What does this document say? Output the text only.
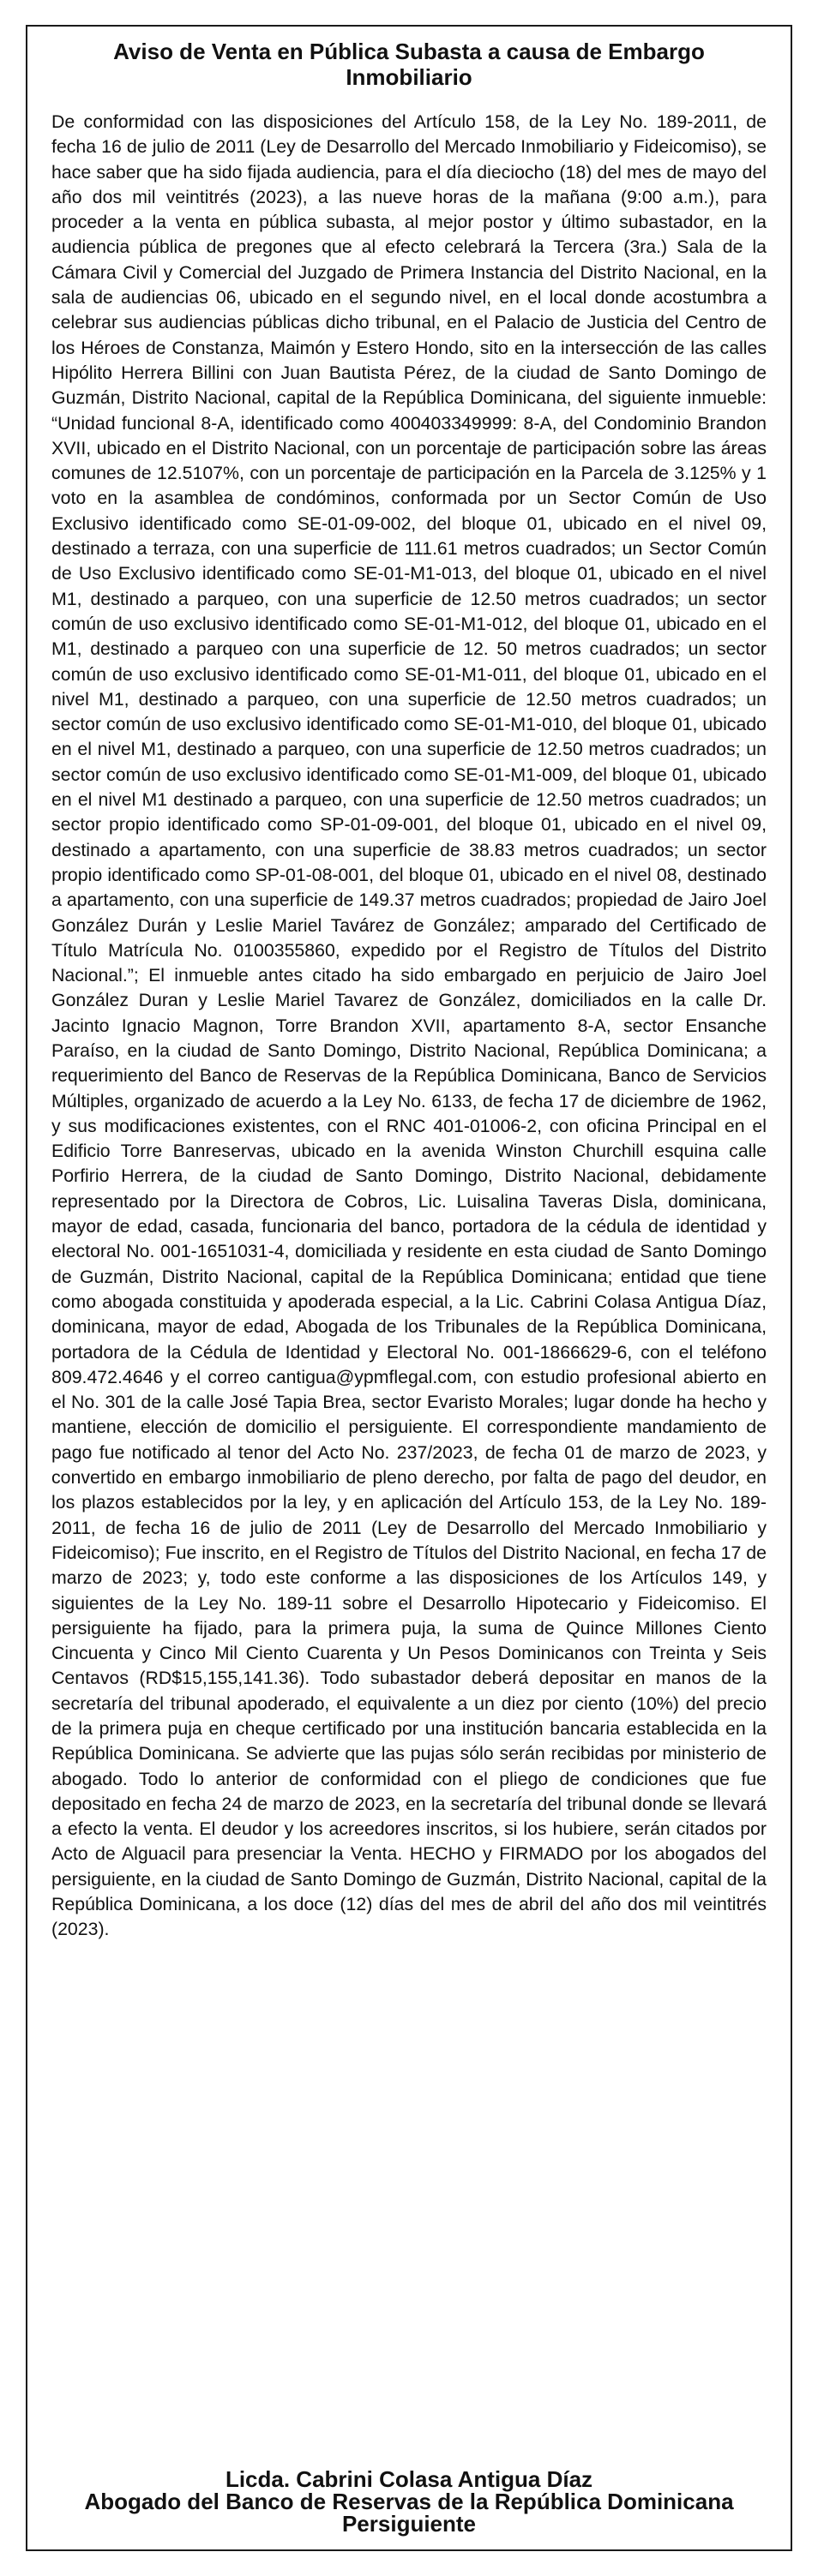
Aviso de Venta en Pública Subasta a causa de Embargo Inmobiliario

De conformidad con las disposiciones del Artículo 158, de la Ley No. 189-2011, de fecha 16 de julio de 2011 (Ley de Desarrollo del Mercado Inmobiliario y Fideicomiso), se hace saber que ha sido fijada audiencia, para el día dieciocho (18) del mes de mayo del año dos mil veintitrés (2023), a las nueve horas de la mañana (9:00 a.m.), para proceder a la venta en pública subasta, al mejor postor y último subastador, en la audiencia pública de pregones que al efecto celebrará la Tercera (3ra.) Sala de la Cámara Civil y Comercial del Juzgado de Primera Instancia del Distrito Nacional, en la sala de audiencias 06, ubicado en el segundo nivel, en el local donde acostumbra a celebrar sus audiencias públicas dicho tribunal, en el Palacio de Justicia del Centro de los Héroes de Constanza, Maimón y Estero Hondo, sito en la intersección de las calles Hipólito Herrera Billini con Juan Bautista Pérez, de la ciudad de Santo Domingo de Guzmán, Distrito Nacional, capital de la República Dominicana, del siguiente inmueble: “Unidad funcional 8-A, identificado como 400403349999: 8-A, del Condominio Brandon XVII, ubicado en el Distrito Nacional, con un porcentaje de participación sobre las áreas comunes de 12.5107%, con un porcentaje de participación en la Parcela de 3.125% y 1 voto en la asamblea de condóminos, conformada por un Sector Común de Uso Exclusivo identificado como SE-01-09-002, del bloque 01, ubicado en el nivel 09, destinado a terraza, con una superficie de 111.61 metros cuadrados; un Sector Común de Uso Exclusivo identificado como SE-01-M1-013, del bloque 01, ubicado en el nivel M1, destinado a parqueo, con una superficie de 12.50 metros cuadrados; un sector común de uso exclusivo identificado como SE-01-M1-012, del bloque 01, ubicado en el M1, destinado a parqueo con una superficie de 12. 50 metros cuadrados; un sector común de uso exclusivo identificado como SE-01-M1-011, del bloque 01, ubicado en el nivel M1, destinado a parqueo, con una superficie de 12.50 metros cuadrados; un sector común de uso exclusivo identificado como SE-01-M1-010, del bloque 01, ubicado en el nivel M1, destinado a parqueo, con una superficie de 12.50 metros cuadrados; un sector común de uso exclusivo identificado como SE-01-M1-009, del bloque 01, ubicado en el nivel M1 destinado a parqueo, con una superficie de 12.50 metros cuadrados; un sector propio identificado como SP-01-09-001, del bloque 01, ubicado en el nivel 09, destinado a apartamento, con una superficie de 38.83 metros cuadrados; un sector propio identificado como SP-01-08-001, del bloque 01, ubicado en el nivel 08, destinado a apartamento, con una superficie de 149.37 metros cuadrados; propiedad de Jairo Joel González Durán y Leslie Mariel Tavárez de González; amparado del Certificado de Título Matrícula No. 0100355860, expedido por el Registro de Títulos del Distrito Nacional.”; El inmueble antes citado ha sido embargado en perjuicio de Jairo Joel González Duran y Leslie Mariel Tavarez de González, domiciliados en la calle Dr. Jacinto Ignacio Magnon, Torre Brandon XVII, apartamento 8-A, sector Ensanche Paraíso, en la ciudad de Santo Domingo, Distrito Nacional, República Dominicana; a requerimiento del Banco de Reservas de la República Dominicana, Banco de Servicios Múltiples, organizado de acuerdo a la Ley No. 6133, de fecha 17 de diciembre de 1962, y sus modificaciones existentes, con el RNC 401-01006-2, con oficina Principal en el Edificio Torre Banreservas, ubicado en la avenida Winston Churchill esquina calle Porfirio Herrera, de la ciudad de Santo Domingo, Distrito Nacional, debidamente representado por la Directora de Cobros, Lic. Luisalina Taveras Disla, dominicana, mayor de edad, casada, funcionaria del banco, portadora de la cédula de identidad y electoral No. 001-1651031-4, domiciliada y residente en esta ciudad de Santo Domingo de Guzmán, Distrito Nacional, capital de la República Dominicana; entidad que tiene como abogada constituida y apoderada especial, a la Lic. Cabrini Colasa Antigua Díaz, dominicana, mayor de edad, Abogada de los Tribunales de la República Dominicana, portadora de la Cédula de Identidad y Electoral No. 001-1866629-6, con el teléfono 809.472.4646 y el correo cantigua@ypmflegal.com, con estudio profesional abierto en el No. 301 de la calle José Tapia Brea, sector Evaristo Morales; lugar donde ha hecho y mantiene, elección de domicilio el persiguiente. El correspondiente mandamiento de pago fue notificado al tenor del Acto No. 237/2023, de fecha 01 de marzo de 2023, y convertido en embargo inmobiliario de pleno derecho, por falta de pago del deudor, en los plazos establecidos por la ley, y en aplicación del Artículo 153, de la Ley No. 189-2011, de fecha 16 de julio de 2011 (Ley de Desarrollo del Mercado Inmobiliario y Fideicomiso); Fue inscrito, en el Registro de Títulos del Distrito Nacional, en fecha 17 de marzo de 2023; y, todo este conforme a las disposiciones de los Artículos 149, y siguientes de la Ley No. 189-11 sobre el Desarrollo Hipotecario y Fideicomiso. El persiguiente ha fijado, para la primera puja, la suma de Quince Millones Ciento Cincuenta y Cinco Mil Ciento Cuarenta y Un Pesos Dominicanos con Treinta y Seis Centavos (RD$15,155,141.36). Todo subastador deberá depositar en manos de la secretaría del tribunal apoderado, el equivalente a un diez por ciento (10%) del precio de la primera puja en cheque certificado por una institución bancaria establecida en la República Dominicana. Se advierte que las pujas sólo serán recibidas por ministerio de abogado. Todo lo anterior de conformidad con el pliego de condiciones que fue depositado en fecha 24 de marzo de 2023, en la secretaría del tribunal donde se llevará a efecto la venta. El deudor y los acreedores inscritos, si los hubiere, serán citados por Acto de Alguacil para presenciar la Venta. HECHO y FIRMADO por los abogados del persiguiente, en la ciudad de Santo Domingo de Guzmán, Distrito Nacional, capital de la República Dominicana, a los doce (12) días del mes de abril del año dos mil veintitrés (2023).

Licda. Cabrini Colasa Antigua Díaz
Abogado del Banco de Reservas de la República Dominicana
Persiguiente
